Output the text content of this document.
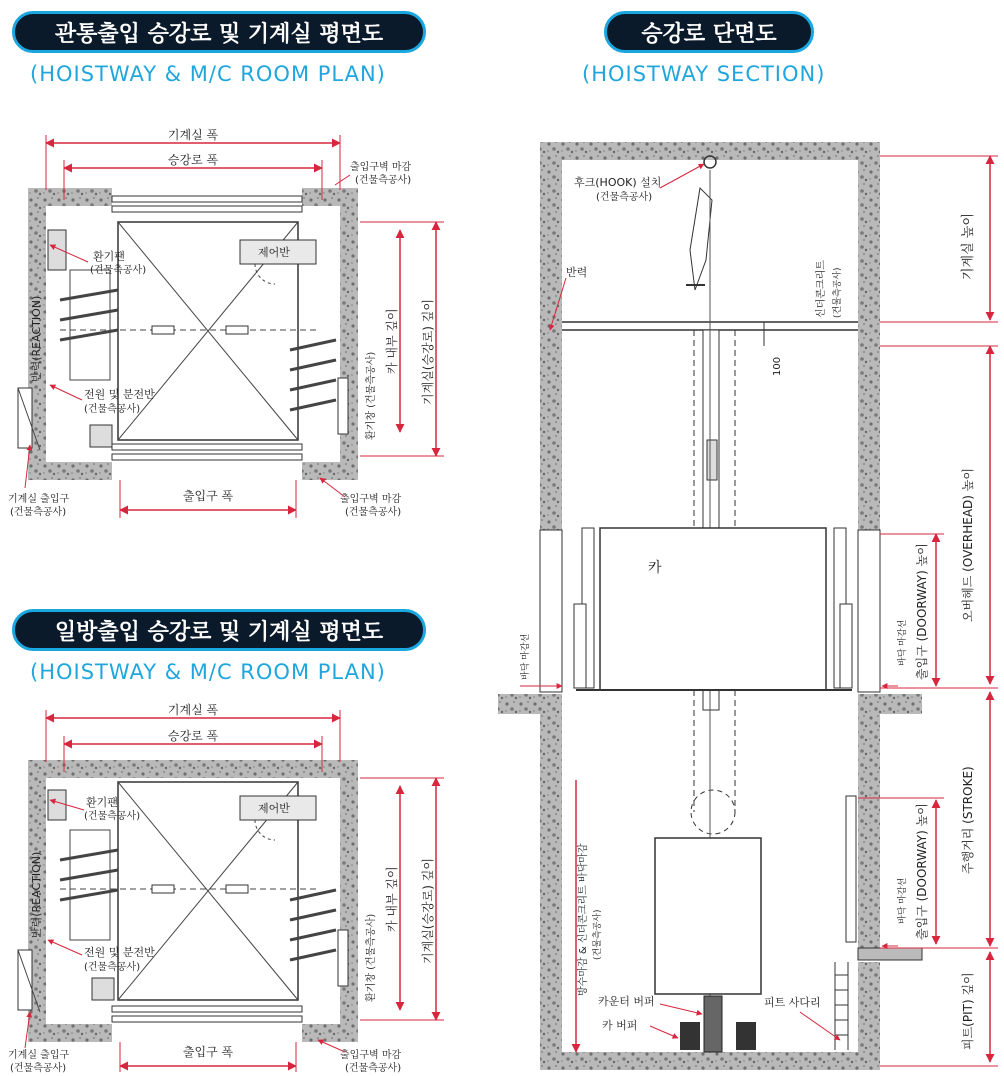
관통출입 승강로 및 기계실 평면도
(HOISTWAY & M/C ROOM PLAN)
일방출입 승강로 및 기계실 평면도
(HOISTWAY & M/C ROOM PLAN)
승강로 단면도
(HOISTWAY SECTION)
기계실 폭
승강로 폭
출입구벽 마감
(건물측공사)
제어반
환기팬
(건물측공사)
반력(REACTION)
전원 및 분전반
(건물측공사)
카 내부 깊이 기계실(승강로) 깊이
환기창 (건물측공사)
기계실 출입구
(건물측공사)
출입구 폭	출입구벽 마감
(건물측공사)
기계실 폭
승강로 폭
제어반
환기팬
(건물측공사)
반력(REACTION)
전원 및 분전반
(건물측공사)
카 내부 깊이 기계실(승강로) 깊이
환기창 (건물측공사)
기계실 출입구
(건물측공사)
출입구 폭	출입구벽 마감
(건물측공사)
후크(HOOK) 설치
(건물측공사)
반력	신더콘크리트 (건물측공사)
100
기계실 높이
카	오버헤드 (OVERHEAD) 높이
출입구 (DOORWAY) 높이
바닥 마감선
바닥 마감선
주행거리 (STROKE)
출입구 (DOORWAY) 높이
바닥 마감선
방수마감 & 신더콘크리트 바닥마감 (건물측공사)
카운터 버퍼
카 버퍼
피트 사다리	피트(PIT) 깊이
